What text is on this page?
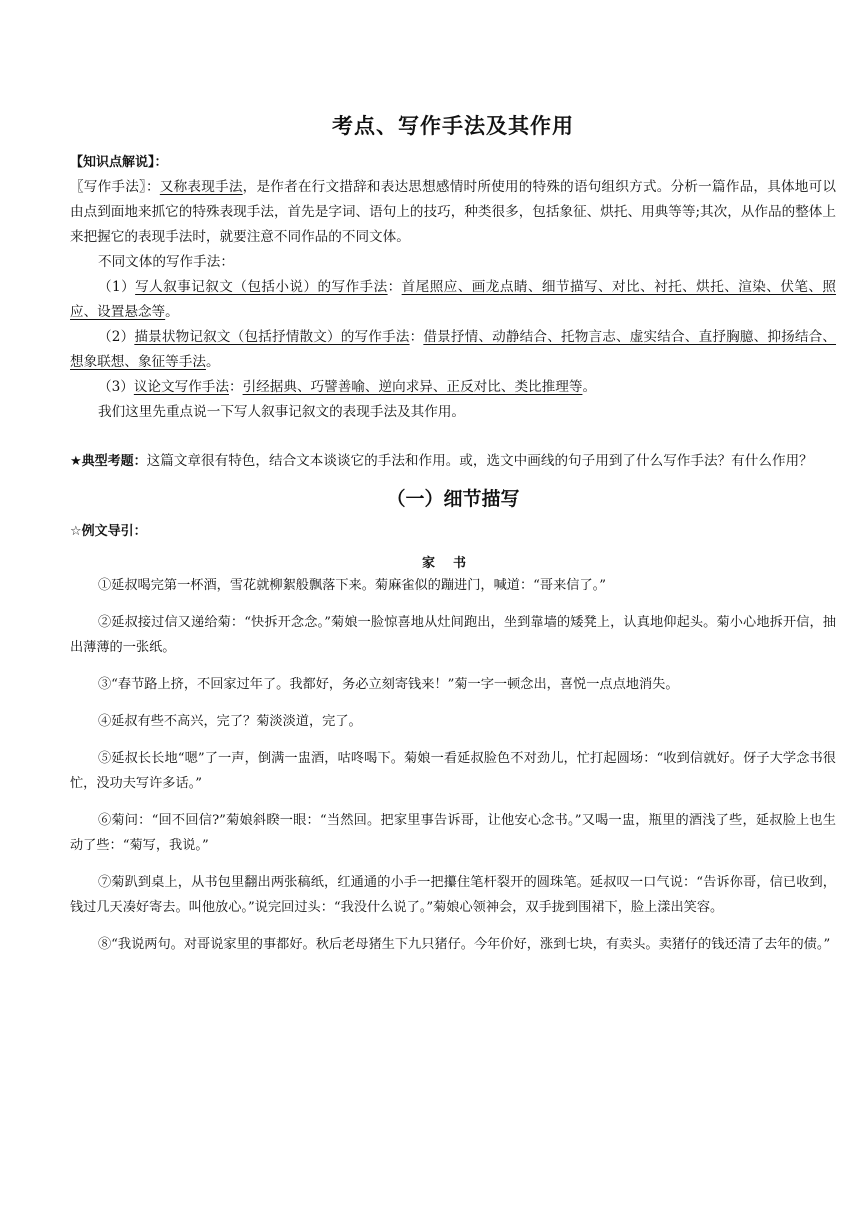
考点、写作手法及其作用

【知识点解说】：

〖写作手法〗：又称表现手法，是作者在行文措辞和表达思想感情时所使用的特殊的语句组织方式。分析一篇作品，具体地可以由点到面地来抓它的特殊表现手法，首先是字词、语句上的技巧，种类很多，包括象征、烘托、用典等等;其次，从作品的整体上来把握它的表现手法时，就要注意不同作品的不同文体。

不同文体的写作手法：

（1）写人叙事记叙文（包括小说）的写作手法：首尾照应、画龙点睛、细节描写、对比、衬托、烘托、渲染、伏笔、照应、设置悬念等。

（2）描景状物记叙文（包括抒情散文）的写作手法：借景抒情、动静结合、托物言志、虚实结合、直抒胸臆、抑扬结合、想象联想、象征等手法。

（3）议论文写作手法：引经据典、巧譬善喻、逆向求异、正反对比、类比推理等。

我们这里先重点说一下写人叙事记叙文的表现手法及其作用。

★典型考题：这篇文章很有特色，结合文本谈谈它的手法和作用。或，选文中画线的句子用到了什么写作手法？有什么作用？

（一）细节描写

☆例文导引：

家书

①延叔喝完第一杯酒，雪花就柳絮般飘落下来。菊麻雀似的蹦进门，喊道：“哥来信了。”

②延叔接过信又递给菊：“快拆开念念。”菊娘一脸惊喜地从灶间跑出，坐到靠墙的矮凳上，认真地仰起头。菊小心地拆开信，抽出薄薄的一张纸。

③“春节路上挤，不回家过年了。我都好，务必立刻寄钱来！”菊一字一顿念出，喜悦一点点地消失。

④延叔有些不高兴，完了？菊淡淡道，完了。

⑤延叔长长地“嗯”了一声，倒满一盅酒，咕咚喝下。菊娘一看延叔脸色不对劲儿，忙打起圆场：“收到信就好。伢子大学念书很忙，没功夫写许多话。”

⑥菊问：“回不回信?”菊娘斜睽一眼：“当然回。把家里事告诉哥，让他安心念书。”又喝一盅，瓶里的酒浅了些，延叔脸上也生动了些：“菊写，我说。”

⑦菊趴到桌上，从书包里翻出两张稿纸，红通通的小手一把攥住笔杆裂开的圆珠笔。延叔叹一口气说：“告诉你哥，信已收到，钱过几天凑好寄去。叫他放心。”说完回过头：“我没什么说了。”菊娘心领神会，双手拢到围裙下，脸上漾出笑容。

⑧“我说两句。对哥说家里的事都好。秋后老母猪生下九只猪仔。今年价好，涨到七块，有卖头。卖猪仔的钱还清了去年的债。”
